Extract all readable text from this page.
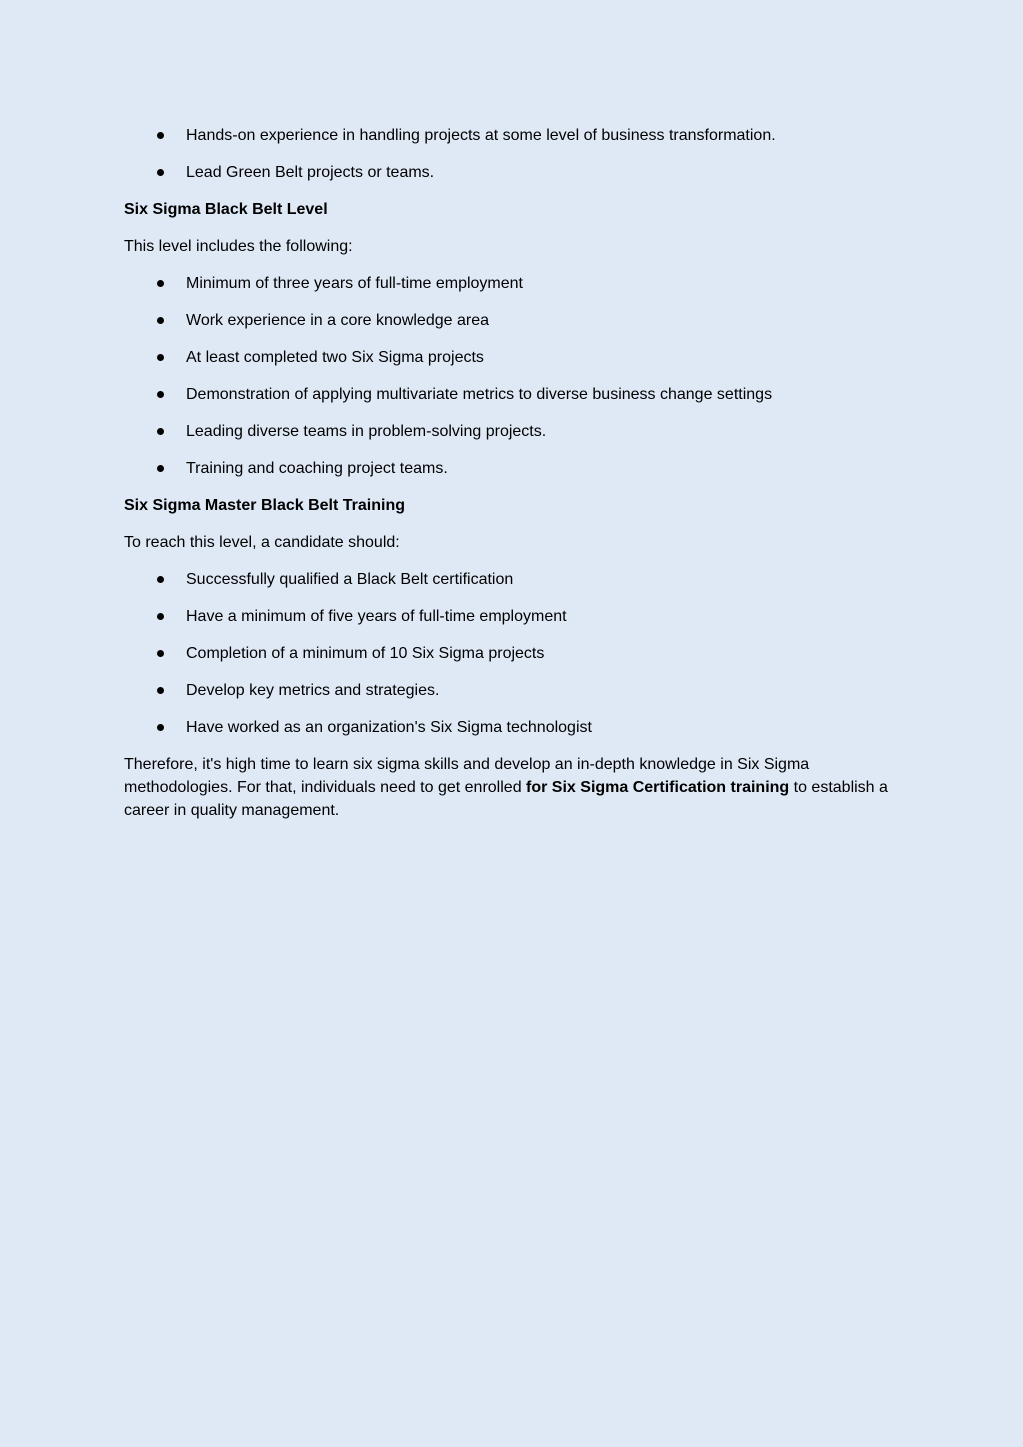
Hands-on experience in handling projects at some level of business transformation.
Lead Green Belt projects or teams.
Six Sigma Black Belt Level
This level includes the following:
Minimum of three years of full-time employment
Work experience in a core knowledge area
At least completed two Six Sigma projects
Demonstration of applying multivariate metrics to diverse business change settings
Leading diverse teams in problem-solving projects.
Training and coaching project teams.
Six Sigma Master Black Belt Training
To reach this level, a candidate should:
Successfully qualified a Black Belt certification
Have a minimum of five years of full-time employment
Completion of a minimum of 10 Six Sigma projects
Develop key metrics and strategies.
Have worked as an organization's Six Sigma technologist

Therefore, it's high time to learn six sigma skills and develop an in-depth knowledge in Six Sigma methodologies. For that, individuals need to get enrolled for Six Sigma Certification training to establish a career in quality management.
